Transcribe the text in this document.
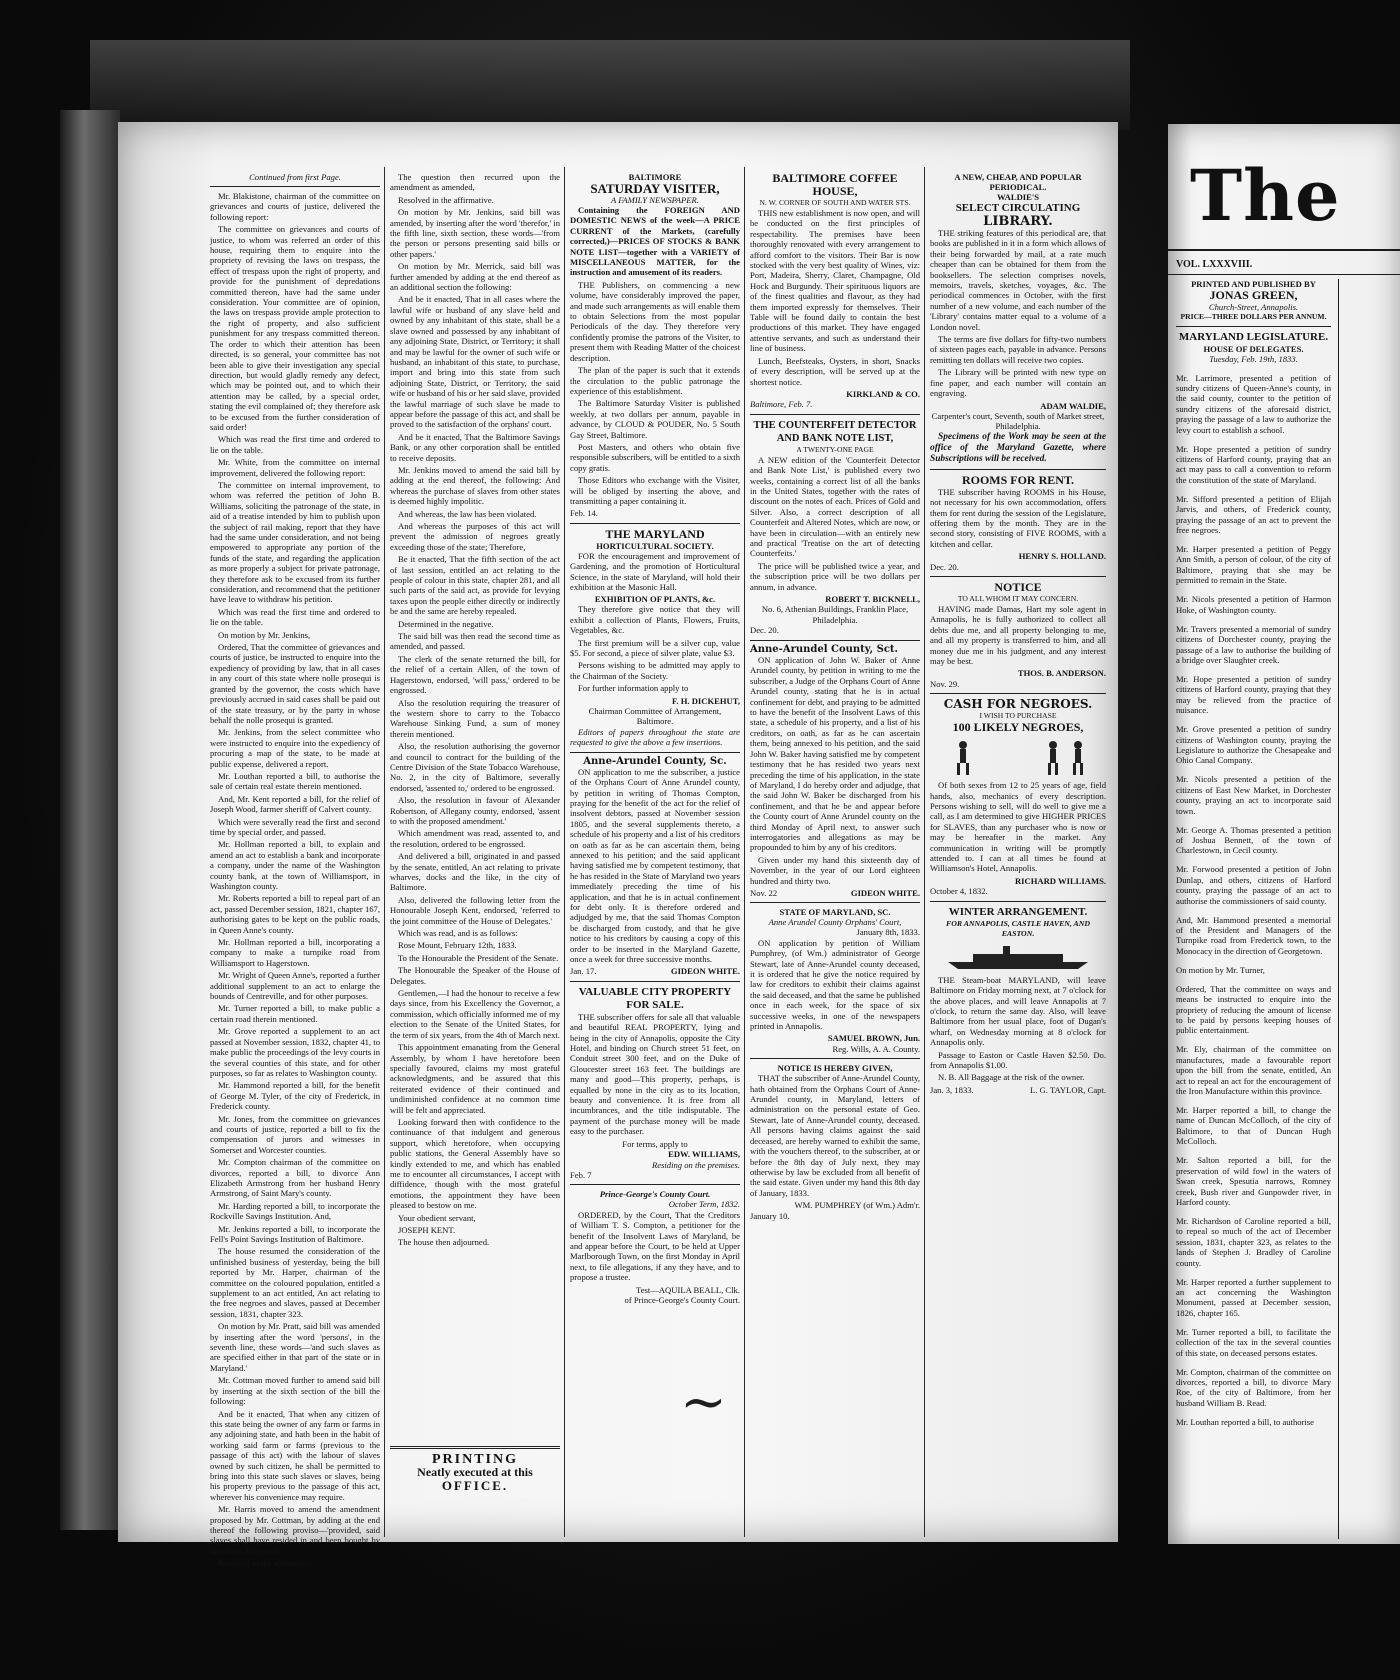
Continued from first Page.

Mr. Blakistone, chairman of the committee on grievances and courts of justice, delivered the following report:

The committee on grievances and courts of justice, to whom was referred an order of this house, requiring them to enquire into the propriety of revising the laws on trespass, the effect of trespass upon the right of property, and provide for the punishment of depredations committed thereon, have had the same under consideration. Your committee are of opinion, the laws on trespass provide ample protection to the right of property, and also sufficient punishment for any trespass committed thereon. The order to which their attention has been directed, is so general, your committee has not been able to give their investigation any special direction, but would gladly remedy any defect, which may be pointed out, and to which their attention may be called, by a special order, stating the evil complained of; they therefore ask to be excused from the further consideration of said order!

Which was read the first time and ordered to lie on the table.

Mr. White, from the committee on internal improvement, delivered the following report:

The committee on internal improvement, to whom was referred the petition of John B. Williams, soliciting the patronage of the state, in aid of a treatise intended by him to publish upon the subject of rail making, report that they have had the same under consideration, and not being empowered to appropriate any portion of the funds of the state, and regarding the application as more properly a subject for private patronage, they therefore ask to be excused from its further consideration, and recommend that the petitioner have leave to withdraw his petition.

Which was read the first time and ordered to lie on the table.

On motion by Mr. Jenkins,

Ordered, That the committee of grievances and courts of justice, be instructed to enquire into the expediency of providing by law, that in all cases in any court of this state where nolle prosequi is granted by the governor, the costs which have previously accrued in said cases shall be paid out of the state treasury, or by the party in whose behalf the nolle prosequi is granted.

Mr. Jenkins, from the select committee who were instructed to enquire into the expediency of procuring a map of the state, to be made at public expense, delivered a report.

Mr. Louthan reported a bill, to authorise the sale of certain real estate therein mentioned.

And, Mr. Kent reported a bill, for the relief of Joseph Wood, farmer sheriff of Calvert county.

Which were severally read the first and second time by special order, and passed.

Mr. Hollman reported a bill, to explain and amend an act to establish a bank and incorporate a company, under the name of the Washington county bank, at the town of Williamsport, in Washington county.

Mr. Roberts reported a bill to repeal part of an act, passed December session, 1821, chapter 167, authorising gates to be kept on the public roads, in Queen Anne's county.

Mr. Hollman reported a bill, incorporating a company to make a turnpike road from Williamsport to Hagerstown.

Mr. Wright of Queen Anne's, reported a further additional supplement to an act to enlarge the bounds of Centreville, and for other purposes.

Mr. Turner reported a bill, to make public a certain road therein mentioned.

Mr. Grove reported a supplement to an act passed at November session, 1832, chapter 41, to make public the proceedings of the levy courts in the several counties of this state, and for other purposes, so far as relates to Washington county.

Mr. Hammond reported a bill, for the benefit of George M. Tyler, of the city of Frederick, in Frederick county.

Mr. Jones, from the committee on grievances and courts of justice, reported a bill to fix the compensation of jurors and witnesses in Somerset and Worcester counties.

Mr. Compton chairman of the committee on divorces, reported a bill, to divorce Ann Elizabeth Armstrong from her husband Henry Armstrong, of Saint Mary's county.

Mr. Harding reported a bill, to incorporate the Rockville Savings Institution. And,

Mr. Jenkins reported a bill, to incorporate the Fell's Point Savings Institution of Baltimore.

The house resumed the consideration of the unfinished business of yesterday, being the bill reported by Mr. Harper, chairman of the committee on the coloured population, entitled a supplement to an act entitled, An act relating to the free negroes and slaves, passed at December session, 1831, chapter 323.

On motion by Mr. Pratt, said bill was amended by inserting after the word 'persons', in the seventh line, these words—'and such slaves as are specified either in that part of the state or in Maryland.'

Mr. Cottman moved further to amend said bill by inserting at the sixth section of the bill the following:

And be it enacted, That when any citizen of this state being the owner of any farm or farms in any adjoining state, and hath been in the habit of working said farm or farms (previous to the passage of this act) with the labour of slaves owned by such citizen, he shall be permitted to bring into this state such slaves or slaves, being his property previous to the passage of this act, wherever his convenience may require.

Mr. Harris moved to amend the amendment proposed by Mr. Cottman, by adding at the end thereof the following proviso—'provided, said slaves shall have resided in and been bought by him from Maryland.'

Resolved in the affirmative.

The question then recurred upon the amendment as amended,

Resolved in the affirmative.

On motion by Mr. Jenkins, said bill was amended, by inserting after the word 'therefor,' in the fifth line, sixth section, these words—'from the person or persons presenting said bills or other papers.'

On motion by Mr. Merrick, said bill was further amended by adding at the end thereof as an additional section the following:

And be it enacted, That in all cases where the lawful wife or husband of any slave held and owned by any inhabitant of this state, shall be a slave owned and possessed by any inhabitant of any adjoining State, District, or Territory; it shall and may be lawful for the owner of such wife or husband, an inhabitant of this state, to purchase, import and bring into this state from such adjoining State, District, or Territory, the said wife or husband of his or her said slave, provided the lawful marriage of such slave be made to appear before the passage of this act, and shall be proved to the satisfaction of the orphans' court.

And be it enacted, That the Baltimore Savings Bank, or any other corporation shall be entitled to receive deposits.

Mr. Jenkins moved to amend the said bill by adding at the end thereof, the following: And whereas the purchase of slaves from other states is deemed highly impolitic.

And whereas, the law has been violated.

And whereas the purposes of this act will prevent the admission of negroes greatly exceeding those of the state; Therefore,

Be it enacted, That the fifth section of the act of last session, entitled an act relating to the people of colour in this state, chapter 281, and all such parts of the said act, as provide for levying taxes upon the people either directly or indirectly be and the same are hereby repealed.

Determined in the negative.

The said bill was then read the second time as amended, and passed.

The clerk of the senate returned the bill, for the relief of a certain Allen, of the town of Hagerstown, endorsed, 'will pass,' ordered to be engrossed.

Also the resolution requiring the treasurer of the western shore to carry to the Tobacco Warehouse Sinking Fund, a sum of money therein mentioned.

Also, the resolution authorising the governor and council to contract for the building of the Centre Division of the State Tobacco Warehouse, No. 2, in the city of Baltimore, severally endorsed, 'assented to,' ordered to be engrossed.

Also, the resolution in favour of Alexander Robertson, of Allegany county, endorsed, 'assent to with the proposed amendment.'

Which amendment was read, assented to, and the resolution, ordered to be engrossed.

And delivered a bill, originated in and passed by the senate, entitled, An act relating to private wharves, docks and the like, in the city of Baltimore.

Also, delivered the following letter from the Honourable Joseph Kent, endorsed, 'referred to the joint committee of the House of Delegates.'

Which was read, and is as follows:

Rose Mount, February 12th, 1833.

To the Honourable the President of the Senate.

The Honourable the Speaker of the House of Delegates.

Gentlemen,—I had the honour to receive a few days since, from his Excellency the Governor, a commission, which officially informed me of my election to the Senate of the United States, for the term of six years, from the 4th of March next.

This appointment emanating from the General Assembly, by whom I have heretofore been specially favoured, claims my most grateful acknowledgments, and be assured that this reiterated evidence of their continued and undiminished confidence at no common time will be felt and appreciated.

Looking forward then with confidence to the continuance of that indulgent and generous support, which heretofore, when occupying public stations, the General Assembly have so kindly extended to me, and which has enabled me to encounter all circumstances, I accept with diffidence, though with the most grateful emotions, the appointment they have been pleased to bestow on me.

Your obedient servant,

JOSEPH KENT.

The house then adjourned.

PRINTING
Neatly executed at this
OFFICE.
BALTIMORE
SATURDAY VISITER,
A FAMILY NEWSPAPER.

Containing the FOREIGN AND DOMESTIC NEWS of the week—A PRICE CURRENT of the Markets, (carefully corrected,)—PRICES OF STOCKS & BANK NOTE LIST—together with a VARIETY of MISCELLANEOUS MATTER, for the instruction and amusement of its readers.

THE Publishers, on commencing a new volume, have considerably improved the paper, and made such arrangements as will enable them to obtain Selections from the most popular Periodicals of the day. They therefore very confidently promise the patrons of the Visiter, to present them with Reading Matter of the choicest description.

The plan of the paper is such that it extends the circulation to the public patronage the experience of this establishment.

The Baltimore Saturday Visiter is published weekly, at two dollars per annum, payable in advance, by CLOUD & POUDER, No. 5 South Gay Street, Baltimore.

Post Masters, and others who obtain five responsible subscribers, will be entitled to a sixth copy gratis.

Those Editors who exchange with the Visiter, will be obliged by inserting the above, and transmitting a paper containing it.

Feb. 14.
THE MARYLAND
HORTICULTURAL SOCIETY.

FOR the encouragement and improvement of Gardening, and the promotion of Horticultural Science, in the state of Maryland, will hold their exhibition at the Masonic Hall.

EXHIBITION OF PLANTS, &c.

They therefore give notice that they will exhibit a collection of Plants, Flowers, Fruits, Vegetables, &c.

The first premium will be a silver cup, value $5. For second, a piece of silver plate, value $3.

Persons wishing to be admitted may apply to the Chairman of the Society.

For further information apply to

F. H. DICKEHUT,
Chairman Committee of Arrangement, Baltimore.

Editors of papers throughout the state are requested to give the above a few insertions.

Anne-Arundel County, Sc.

ON application to me the subscriber, a justice of the Orphans Court of Anne Arundel county, by petition in writing of Thomas Compton, praying for the benefit of the act for the relief of insolvent debtors, passed at November session 1805, and the several supplements thereto, a schedule of his property and a list of his creditors on oath as far as he can ascertain them, being annexed to his petition; and the said applicant having satisfied me by competent testimony, that he has resided in the State of Maryland two years immediately preceding the time of his application, and that he is in actual confinement for debt only. It is therefore ordered and adjudged by me, that the said Thomas Compton be discharged from custody, and that he give notice to his creditors by causing a copy of this order to be inserted in the Maryland Gazette, once a week for three successive months.

Jan. 17.	GIDEON WHITE.
VALUABLE CITY PROPERTY
FOR SALE.

THE subscriber offers for sale all that valuable and beautiful REAL PROPERTY, lying and being in the city of Annapolis, opposite the City Hotel, and binding on Church street 51 feet, on Conduit street 300 feet, and on the Duke of Gloucester street 163 feet. The buildings are many and good—This property, perhaps, is equalled by none in the city as to its location, beauty and convenience. It is free from all incumbrances, and the title indisputable. The payment of the purchase money will be made easy to the purchaser.

For terms, apply to
EDW. WILLIAMS,
Residing on the premises.
Feb. 7
Prince-George's County Court.
October Term, 1832.

ORDERED, by the Court, That the Creditors of William T. S. Compton, a petitioner for the benefit of the Insolvent Laws of Maryland, be and appear before the Court, to be held at Upper Marlborough Town, on the first Monday in April next, to file allegations, if any they have, and to propose a trustee.

Test—AQUILA BEALL, Clk.
of Prince-George's County Court.
BALTIMORE COFFEE
HOUSE,
N. W. CORNER OF SOUTH AND WATER STS.

THIS new establishment is now open, and will be conducted on the first principles of respectability. The premises have been thoroughly renovated with every arrangement to afford comfort to the visitors. Their Bar is now stocked with the very best quality of Wines, viz: Port, Madeira, Sherry, Claret, Champagne, Old Hock and Burgundy. Their spirituous liquors are of the finest qualities and flavour, as they had them imported expressly for themselves. Their Table will be found daily to contain the best productions of this market. They have engaged attentive servants, and such as understand their line of business.

Lunch, Beefsteaks, Oysters, in short, Snacks of every description, will be served up at the shortest notice.

KIRKLAND & CO.
Baltimore, Feb. 7.
THE COUNTERFEIT DETECTOR AND BANK NOTE LIST,
A TWENTY-ONE PAGE

A NEW edition of the 'Counterfeit Detector and Bank Note List,' is published every two weeks, containing a correct list of all the banks in the United States, together with the rates of discount on the notes of each. Prices of Gold and Silver. Also, a correct description of all Counterfeit and Altered Notes, which are now, or have been in circulation—with an entirely new and practical 'Treatise on the art of detecting Counterfeits.'

The price will be published twice a year, and the subscription price will be two dollars per annum, in advance.

ROBERT T. BICKNELL,
No. 6, Athenian Buildings, Franklin Place, Philadelphia.
Dec. 20.
Anne-Arundel County, Sct.

ON application of John W. Baker of Anne Arundel county, by petition in writing to me the subscriber, a Judge of the Orphans Court of Anne Arundel county, stating that he is in actual confinement for debt, and praying to be admitted to have the benefit of the Insolvent Laws of this state, a schedule of his property, and a list of his creditors, on oath, as far as he can ascertain them, being annexed to his petition, and the said John W. Baker having satisfied me by competent testimony that he has resided two years next preceding the time of his application, in the state of Maryland, I do hereby order and adjudge, that the said John W. Baker be discharged from his confinement, and that he be and appear before the County court of Anne Arundel county on the third Monday of April next, to answer such interrogatories and allegations as may be propounded to him by any of his creditors.

Given under my hand this sixteenth day of November, in the year of our Lord eighteen hundred and thirty two.

Nov. 22	GIDEON WHITE.
STATE OF MARYLAND, SC.
Anne Arundel County Orphans' Court,
January 8th, 1833.

ON application by petition of William Pumphrey, (of Wm.) administrator of George Stewart, late of Anne-Arundel county deceased, it is ordered that he give the notice required by law for creditors to exhibit their claims against the said deceased, and that the same be published once in each week, for the space of six successive weeks, in one of the newspapers printed in Annapolis.

SAMUEL BROWN, Jun.
Reg. Wills, A. A. County.
NOTICE IS HEREBY GIVEN,

THAT the subscriber of Anne-Arundel County, hath obtained from the Orphans Court of Anne-Arundel county, in Maryland, letters of administration on the personal estate of Geo. Stewart, late of Anne-Arundel county, deceased. All persons having claims against the said deceased, are hereby warned to exhibit the same, with the vouchers thereof, to the subscriber, at or before the 8th day of July next, they may otherwise by law be excluded from all benefit of the said estate. Given under my hand this 8th day of January, 1833.

WM. PUMPHREY (of Wm.) Adm'r.
January 10.
A NEW, CHEAP, AND POPULAR
PERIODICAL.
WALDIE'S
SELECT CIRCULATING
LIBRARY.

THE striking features of this periodical are, that books are published in it in a form which allows of their being forwarded by mail, at a rate much cheaper than can be obtained for them from the booksellers. The selection comprises novels, memoirs, travels, sketches, voyages, &c. The periodical commences in October, with the first number of a new volume, and each number of the 'Library' contains matter equal to a volume of a London novel.

The terms are five dollars for fifty-two numbers of sixteen pages each, payable in advance. Persons remitting ten dollars will receive two copies.

The Library will be printed with new type on fine paper, and each number will contain an engraving.

ADAM WALDIE,
Carpenter's court, Seventh, south of Market street, Philadelphia.

Specimens of the Work may be seen at the office of the Maryland Gazette, where Subscriptions will be received.

ROOMS FOR RENT.

THE subscriber having ROOMS in his House, not necessary for his own accommodation, offers them for rent during the session of the Legislature, offering them by the month. They are in the second story, consisting of FIVE ROOMS, with a kitchen and cellar.

HENRY S. HOLLAND.
Dec. 20.
NOTICE
TO ALL WHOM IT MAY CONCERN.

HAVING made Damas, Hart my sole agent in Annapolis, he is fully authorized to collect all debts due me, and all property belonging to me, and all my property is transferred to him, and all money due me in his judgment, and any interest may be best.

THOS. B. ANDERSON.
Nov. 29.
CASH FOR NEGROES.
I WISH TO PURCHASE
100 LIKELY NEGROES,

Of both sexes from 12 to 25 years of age, field hands, also, mechanics of every description. Persons wishing to sell, will do well to give me a call, as I am determined to give HIGHER PRICES for SLAVES, than any purchaser who is now or may be hereafter in the market. Any communication in writing will be promptly attended to. I can at all times be found at Williamson's Hotel, Annapolis.

RICHARD WILLIAMS.
October 4, 1832.
WINTER ARRANGEMENT.
FOR ANNAPOLIS, CASTLE HAVEN, AND EASTON.

THE Steam-boat MARYLAND, will leave Baltimore on Friday morning next, at 7 o'clock for the above places, and will leave Annapolis at 7 o'clock, to return the same day. Also, will leave Baltimore from her usual place, foot of Dugan's wharf, on Wednesday morning at 8 o'clock for Annapolis only.

Passage to Easton or Castle Haven $2.50. Do. from Annapolis $1.00.

N. B. All Baggage at the risk of the owner.

Jan. 3, 1833.	L. G. TAYLOR, Capt.
The
VOL. LXXXVIII.
PRINTED AND PUBLISHED BY
JONAS GREEN,
Church-Street, Annapolis.
PRICE—THREE DOLLARS PER ANNUM.
MARYLAND LEGISLATURE.
HOUSE OF DELEGATES.
Tuesday, Feb. 19th, 1833.

Mr. Larrimore, presented a petition of sundry citizens of Queen-Anne's county, in the said county, counter to the petition of sundry citizens of the aforesaid district, praying the passage of a law to authorize the levy court to establish a school.

Mr. Hope presented a petition of sundry citizens of Harford county, praying that an act may pass to call a convention to reform the constitution of the state of Maryland.

Mr. Sifford presented a petition of Elijah Jarvis, and others, of Frederick county, praying the passage of an act to prevent the free negroes.

Mr. Harper presented a petition of Peggy Ann Smith, a person of colour, of the city of Baltimore, praying that she may be permitted to remain in the State.

Mr. Nicols presented a petition of Harmon Hoke, of Washington county.

Mr. Travers presented a memorial of sundry citizens of Dorchester county, praying the passage of a law to authorise the building of a bridge over Slaughter creek.

Mr. Hope presented a petition of sundry citizens of Harford county, praying that they may be relieved from the practice of nuisance.

Mr. Grove presented a petition of sundry citizens of Washington county, praying the Legislature to authorize the Chesapeake and Ohio Canal Company.

Mr. Nicols presented a petition of the citizens of East New Market, in Dorchester county, praying an act to incorporate said town.

Mr. George A. Thomas presented a petition of Joshua Bennett, of the town of Charlestown, in Cecil county.

Mr. Forwood presented a petition of John Dunlap, and others, citizens of Harford county, praying the passage of an act to authorise the commissioners of said county.

And, Mr. Hammond presented a memorial of the President and Managers of the Turnpike road from Frederick town, to the Monocacy in the direction of Georgetown.

On motion by Mr. Turner,

Ordered, That the committee on ways and means be instructed to enquire into the propriety of reducing the amount of license to be paid by persons keeping houses of public entertainment.

Mr. Ely, chairman of the committee on manufactures, made a favourable report upon the bill from the senate, entitled, An act to repeal an act for the encouragement of the Iron Manufacture within this province.

Mr. Harper reported a bill, to change the name of Duncan McColloch, of the city of Baltimore, to that of Duncan Hugh McColloch.

Mr. Salton reported a bill, for the preservation of wild fowl in the waters of Swan creek, Spesutia narrows, Romney creek, Bush river and Gunpowder river, in Harford county.

Mr. Richardson of Caroline reported a bill, to repeal so much of the act of December session, 1831, chapter 323, as relates to the lands of Stephen J. Bradley of Caroline county.

Mr. Harper reported a further supplement to an act concerning the Washington Monument, passed at December session, 1826, chapter 165.

Mr. Turner reported a bill, to facilitate the collection of the tax in the several counties of this state, on deceased persons estates.

Mr. Compton, chairman of the committee on divorces, reported a bill, to divorce Mary Roe, of the city of Baltimore, from her husband William B. Read.

Mr. Louthan reported a bill, to authorise

~
